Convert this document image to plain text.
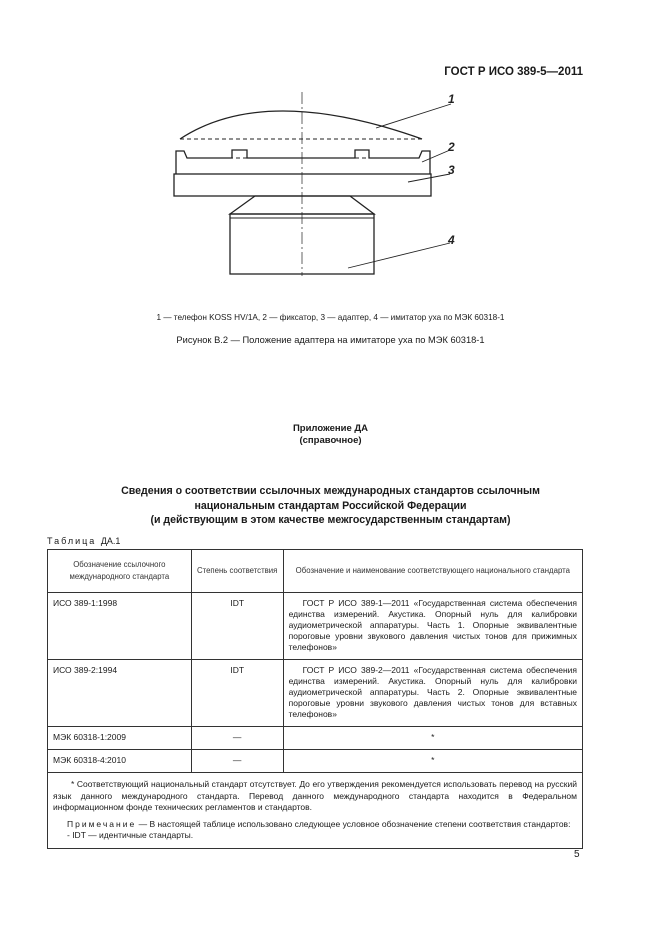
ГОСТ Р ИСО 389-5—2011
1
2
3
4
1 — телефон KOSS HV/1A, 2 — фиксатор, 3 — адаптер, 4 — имитатор уха по МЭК 60318-1
Рисунок В.2 — Положение адаптера на имитаторе уха по МЭК 60318-1
Приложение ДА
(справочное)
Сведения о соответствии ссылочных международных стандартов ссылочным
национальным стандартам Российской Федерации
(и действующим в этом качестве межгосударственным стандартам)
Таблица ДА.1
Обозначение ссылочного международного стандарта	Степень соответствия	Обозначение и наименование соответствующего национального стандарта

ИСО 389-1:1998	IDT	ГОСТ Р ИСО 389-1—2011 «Государственная система обеспечения единства измерений. Акустика. Опорный нуль для калибровки аудиометрической аппаратуры. Часть 1. Опорные эквивалентные пороговые уровни звукового давления чистых тонов для прижимных телефонов»

ИСО 389-2:1994	IDT	ГОСТ Р ИСО 389-2—2011 «Государственная система обеспечения единства измерений. Акустика. Опорный нуль для калибровки аудиометрической аппаратуры. Часть 2. Опорные эквивалентные пороговые уровни звукового давления чистых тонов для вставных телефонов»

МЭК 60318-1:2009	—	*

МЭК 60318-4:2010	—	*

* Соответствующий национальный стандарт отсутствует. До его утверждения рекомендуется использовать перевод на русский язык данного международного стандарта. Перевод данного международного стандарта находится в Федеральном информационном фонде технических регламентов и стандартов.

Примечание — В настоящей таблице использовано следующее условное обозначение степени соответствия стандартов:

- IDT — идентичные стандарты.		
5
